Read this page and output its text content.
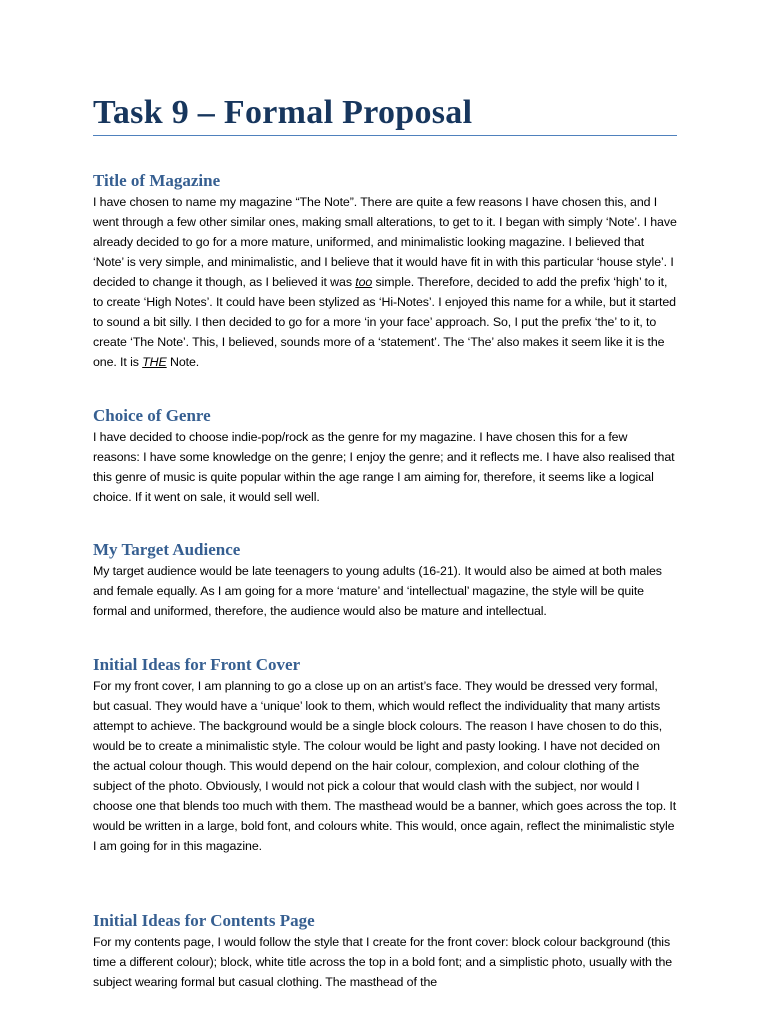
Task 9 – Formal Proposal
Title of Magazine

I have chosen to name my magazine “The Note”. There are quite a few reasons I have chosen this, and I went through a few other similar ones, making small alterations, to get to it. I began with simply ‘Note’. I have already decided to go for a more mature, uniformed, and minimalistic looking magazine. I believed that ‘Note’ is very simple, and minimalistic, and I believe that it would have fit in with this particular ‘house style’. I decided to change it though, as I believed it was too simple. Therefore, decided to add the prefix ‘high’ to it, to create ‘High Notes’. It could have been stylized as ‘Hi-Notes’. I enjoyed this name for a while, but it started to sound a bit silly. I then decided to go for a more ‘in your face’ approach. So, I put the prefix ‘the’ to it, to create ‘The Note’. This, I believed, sounds more of a ‘statement’. The ‘The’ also makes it seem like it is the one. It is THE Note.

Choice of Genre

I have decided to choose indie-pop/rock as the genre for my magazine. I have chosen this for a few reasons: I have some knowledge on the genre; I enjoy the genre; and it reflects me. I have also realised that this genre of music is quite popular within the age range I am aiming for, therefore, it seems like a logical choice. If it went on sale, it would sell well.

My Target Audience

My target audience would be late teenagers to young adults (16-21). It would also be aimed at both males and female equally. As I am going for a more ‘mature’ and ‘intellectual’ magazine, the style will be quite formal and uniformed, therefore, the audience would also be mature and intellectual.

Initial Ideas for Front Cover

For my front cover, I am planning to go a close up on an artist’s face. They would be dressed very formal, but casual. They would have a ‘unique’ look to them, which would reflect the individuality that many artists attempt to achieve. The background would be a single block colours. The reason I have chosen to do this, would be to create a minimalistic style. The colour would be light and pasty looking. I have not decided on the actual colour though. This would depend on the hair colour, complexion, and colour clothing of the subject of the photo. Obviously, I would not pick a colour that would clash with the subject, nor would I choose one that blends too much with them. The masthead would be a banner, which goes across the top. It would be written in a large, bold font, and colours white. This would, once again, reflect the minimalistic style I am going for in this magazine.

Initial Ideas for Contents Page

For my contents page, I would follow the style that I create for the front cover: block colour background (this time a different colour); block, white title across the top in a bold font; and a simplistic photo, usually with the subject wearing formal but casual clothing. The masthead of the
